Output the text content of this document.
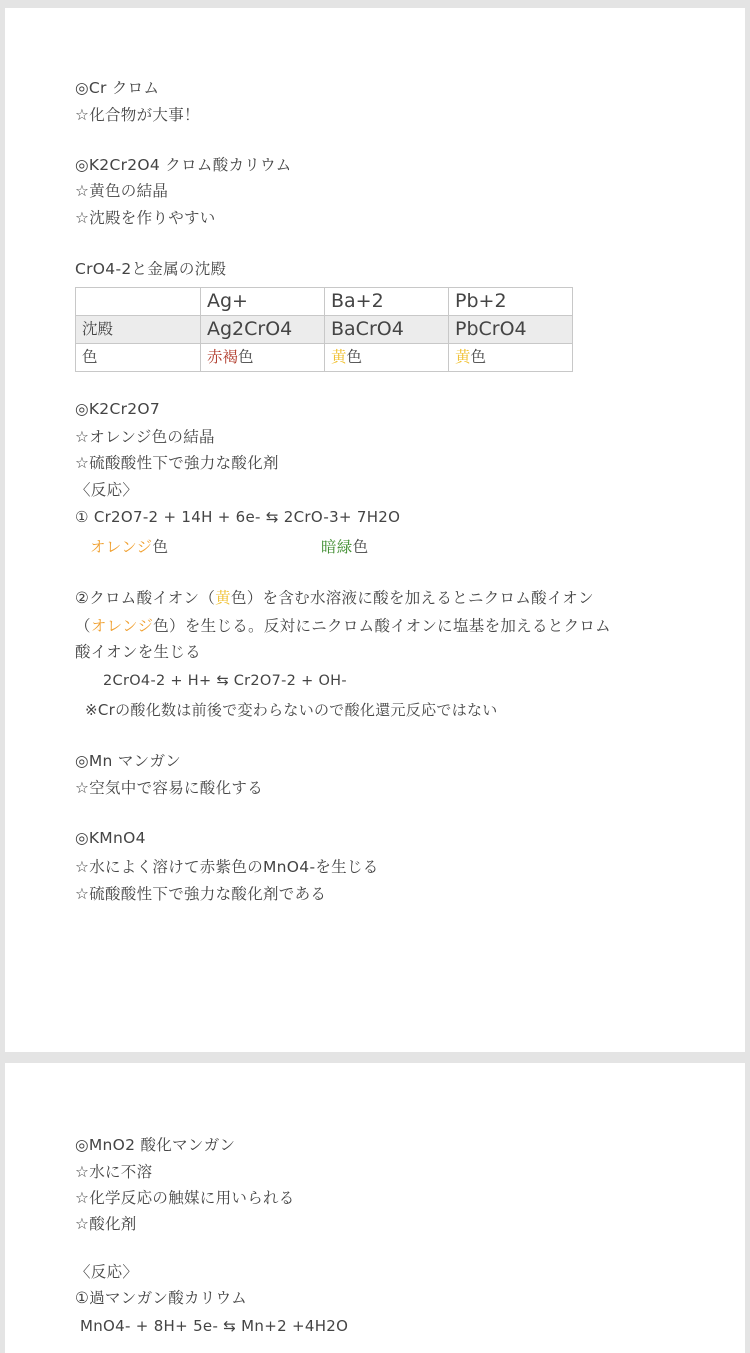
◎Cr クロム
☆化合物が大事！
◎K2Cr2O4 クロム酸カリウム
☆黄色の結晶
☆沈殿を作りやすい
CrO4-2と金属の沈殿
	Ag+	Ba+2	Pb+2
沈殿	Ag2CrO4	BaCrO4	PbCrO4
色	赤褐色	黄色	黄色
◎K2Cr2O7
☆オレンジ色の結晶
☆硫酸酸性下で強力な酸化剤
〈反応〉
① Cr2O7-2 + 14H + 6e- ⇆ 2CrO-3+ 7H2O
オレンジ色	暗緑色
②クロム酸イオン（黄色）を含む水溶液に酸を加えるとニクロム酸イオン
（オレンジ色）を生じる。反対にニクロム酸イオンに塩基を加えるとクロム
酸イオンを生じる
2CrO4-2 + H+ ⇆ Cr2O7-2 + OH-
※Crの酸化数は前後で変わらないので酸化還元反応ではない
◎Mn マンガン
☆空気中で容易に酸化する
◎KMnO4
☆水によく溶けて赤紫色のMnO4-を生じる
☆硫酸酸性下で強力な酸化剤である
◎MnO2 酸化マンガン
☆水に不溶
☆化学反応の触媒に用いられる
☆酸化剤
〈反応〉
①過マンガン酸カリウム
MnO4- + 8H+ 5e- ⇆ Mn+2 +4H2O
